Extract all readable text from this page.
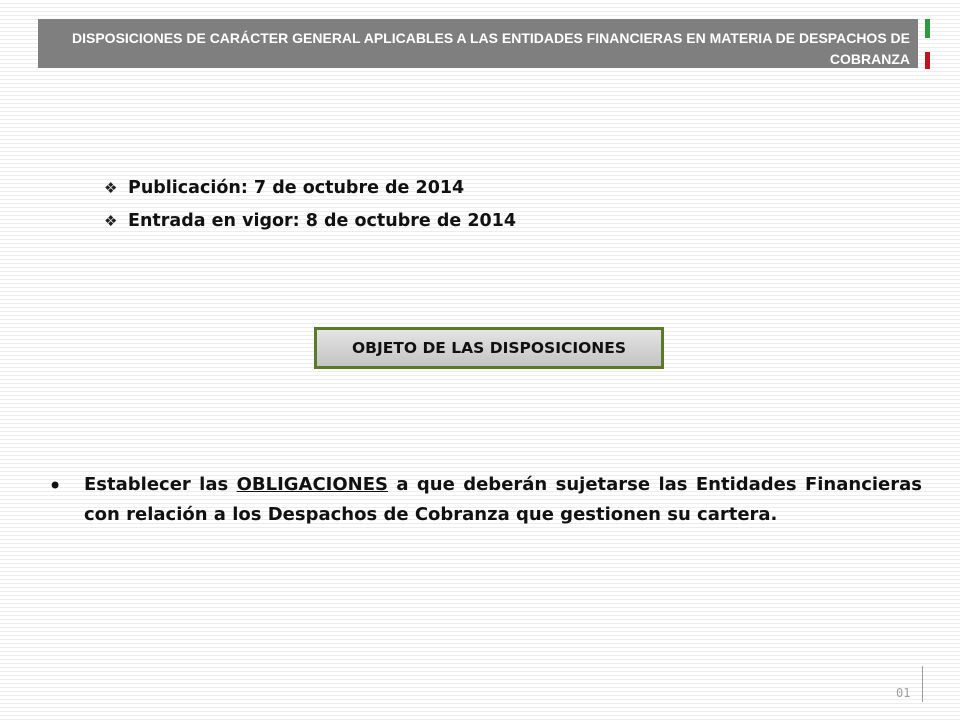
DISPOSICIONES DE CARÁCTER GENERAL APLICABLES A LAS ENTIDADES FINANCIERAS EN MATERIA DE DESPACHOS DE COBRANZA

❖ Publicación: 7 de octubre de 2014
❖ Entrada en vigor: 8 de octubre de 2014
OBJETO DE LAS DISPOSICIONES
• Establecer las OBLIGACIONES a que deberán sujetarse las Entidades Financieras con relación a los Despachos de Cobranza que gestionen su cartera.

01
